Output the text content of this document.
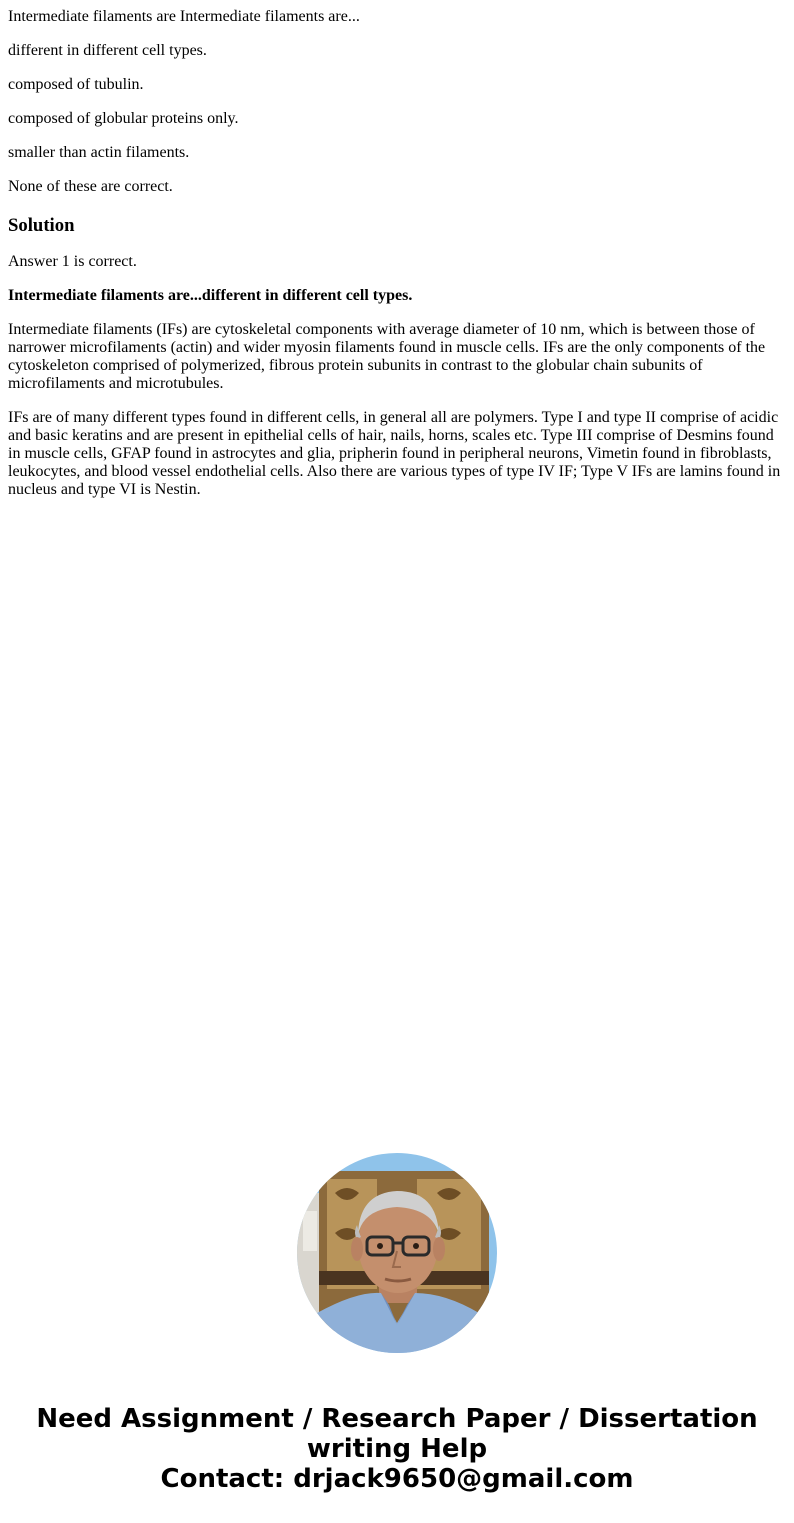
Intermediate filaments are Intermediate filaments are...

different in different cell types.

composed of tubulin.

composed of globular proteins only.

smaller than actin filaments.

None of these are correct.

Solution

Answer 1 is correct.

Intermediate filaments are...different in different cell types.

Intermediate filaments (IFs) are cytoskeletal components with average diameter of 10 nm, which is between those of narrower microfilaments (actin) and wider myosin filaments found in muscle cells. IFs are the only components of the cytoskeleton comprised of polymerized, fibrous protein subunits in contrast to the globular chain subunits of microfilaments and microtubules.

IFs are of many different types found in different cells, in general all are polymers. Type I and type II comprise of acidic and basic keratins and are present in epithelial cells of hair, nails, horns, scales etc. Type III comprise of Desmins found in muscle cells, GFAP found in astrocytes and glia, pripherin found in peripheral neurons, Vimetin found in fibroblasts, leukocytes, and blood vessel endothelial cells. Also there are various types of type IV IF; Type V IFs are lamins found in nucleus and type VI is Nestin.

Need Assignment / Research Paper / Dissertation
writing Help
Contact: drjack9650@gmail.com
